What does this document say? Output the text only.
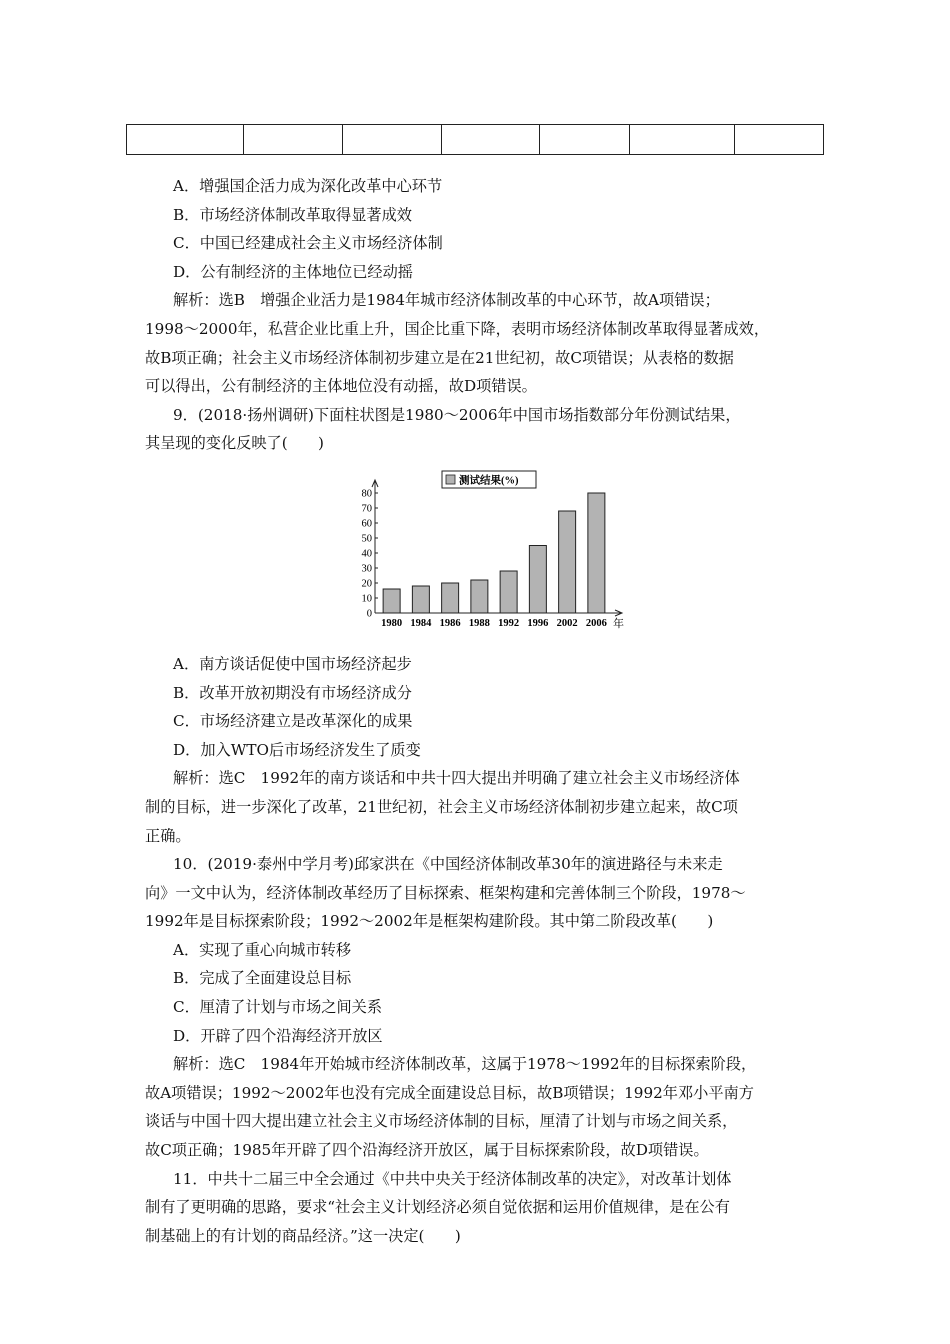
A．增强国企活力成为深化改革中心环节
B．市场经济体制改革取得显著成效
C．中国已经建成社会主义市场经济体制
D．公有制经济的主体地位已经动摇
解析：选B　增强企业活力是1984年城市经济体制改革的中心环节，故A项错误；
1998～2000年，私营企业比重上升，国企比重下降，表明市场经济体制改革取得显著成效，
故B项正确；社会主义市场经济体制初步建立是在21世纪初，故C项错误；从表格的数据
可以得出，公有制经济的主体地位没有动摇，故D项错误。
9．(2018·扬州调研)下面柱状图是1980～2006年中国市场指数部分年份测试结果，
其呈现的变化反映了(　　)
0
10
20
30
40
50
60
70
80
1980 1984 1986 1988 1992 1996 2002 2006
测试结果(%)
年
A．南方谈话促使中国市场经济起步
B．改革开放初期没有市场经济成分
C．市场经济建立是改革深化的成果
D．加入WTO后市场经济发生了质变
解析：选C　1992年的南方谈话和中共十四大提出并明确了建立社会主义市场经济体
制的目标，进一步深化了改革，21世纪初，社会主义市场经济体制初步建立起来，故C项
正确。
10．(2019·泰州中学月考)邱家洪在《中国经济体制改革30年的演进路径与未来走
向》一文中认为，经济体制改革经历了目标探索、框架构建和完善体制三个阶段，1978～
1992年是目标探索阶段；1992～2002年是框架构建阶段。其中第二阶段改革(　　)
A．实现了重心向城市转移
B．完成了全面建设总目标
C．厘清了计划与市场之间关系
D．开辟了四个沿海经济开放区
解析：选C　1984年开始城市经济体制改革，这属于1978～1992年的目标探索阶段，
故A项错误；1992～2002年也没有完成全面建设总目标，故B项错误；1992年邓小平南方
谈话与中国十四大提出建立社会主义市场经济体制的目标，厘清了计划与市场之间关系，
故C项正确；1985年开辟了四个沿海经济开放区，属于目标探索阶段，故D项错误。
11．中共十二届三中全会通过《中共中央关于经济体制改革的决定》，对改革计划体
制有了更明确的思路，要求“社会主义计划经济必须自觉依据和运用价值规律，是在公有
制基础上的有计划的商品经济。”这一决定(　　)
